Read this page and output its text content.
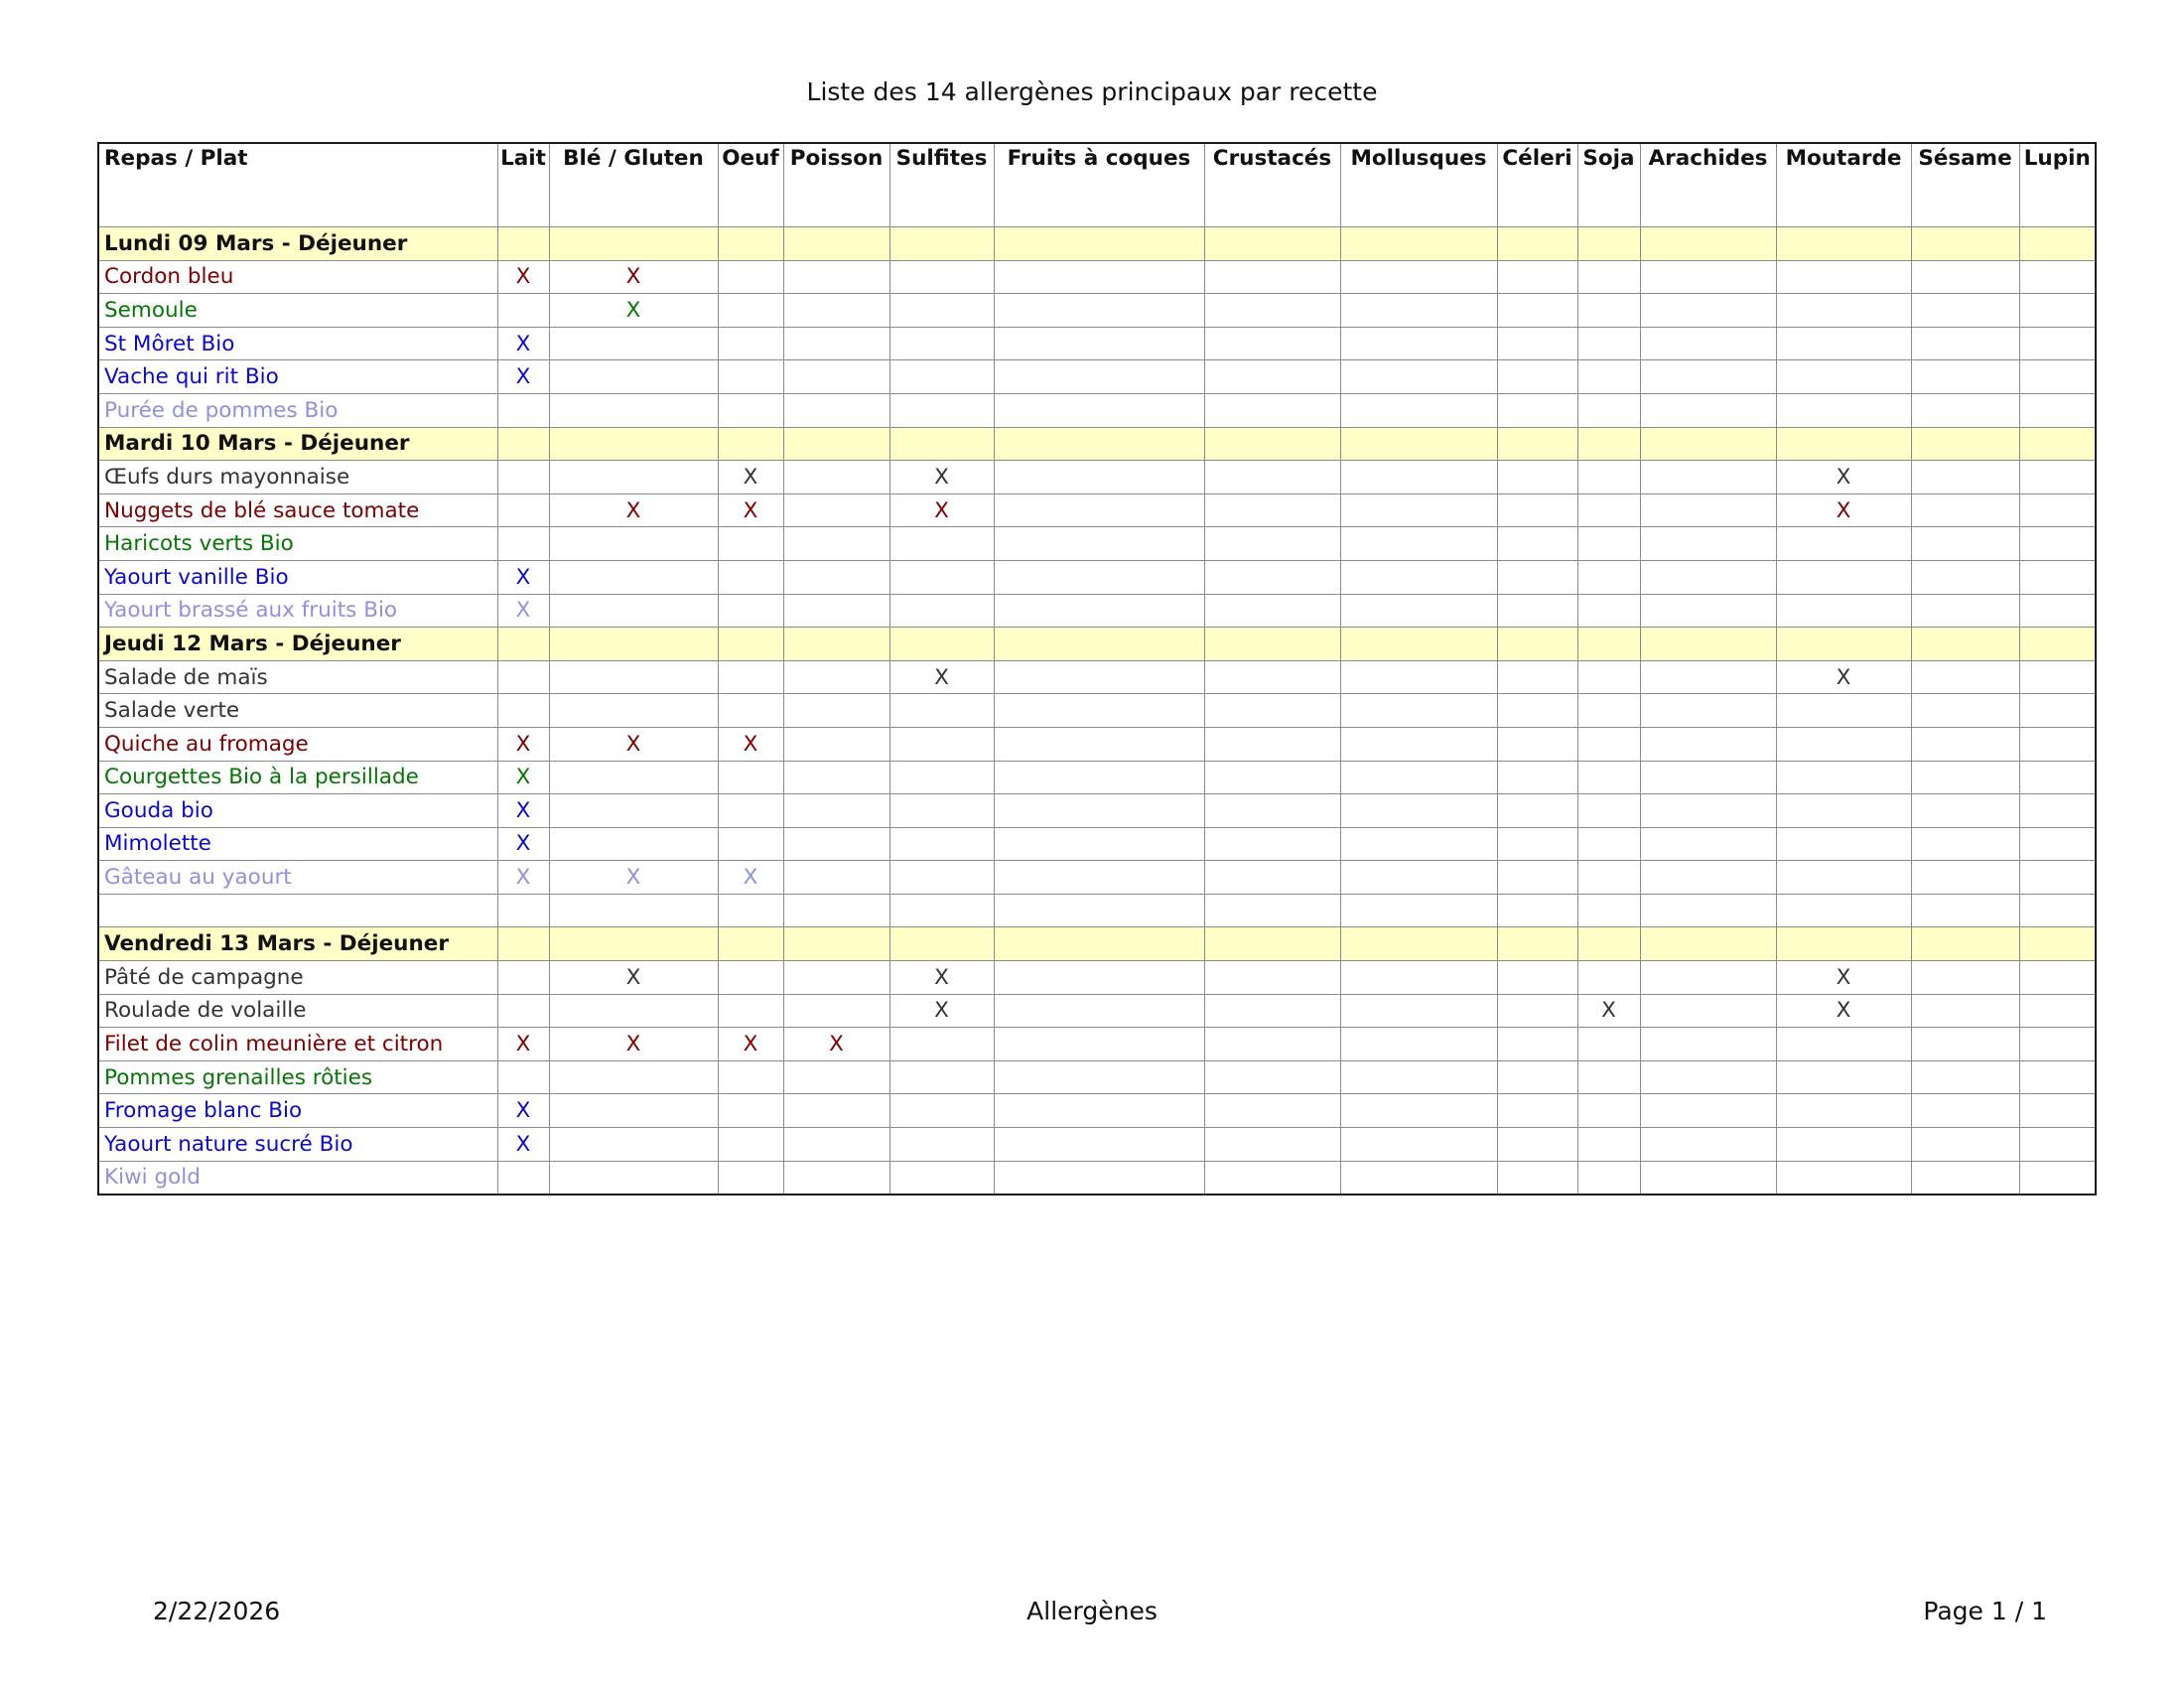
Liste des 14 allergènes principaux par recette
Repas / Plat	Lait	Blé / Gluten	Oeuf	Poisson	Sulfites	Fruits à coques	Crustacés	Mollusques	Céleri	Soja	Arachides	Moutarde	Sésame	Lupin
Lundi 09 Mars - Déjeuner														
Cordon bleu	X	X												
Semoule		X												
St Môret Bio	X													
Vache qui rit Bio	X													
Purée de pommes Bio														
Mardi 10 Mars - Déjeuner														
Œufs durs mayonnaise			X		X							X		
Nuggets de blé sauce tomate		X	X		X							X		
Haricots verts Bio														
Yaourt vanille Bio	X													
Yaourt brassé aux fruits Bio	X													
Jeudi 12 Mars - Déjeuner														
Salade de maïs					X							X		
Salade verte														
Quiche au fromage	X	X	X											
Courgettes Bio à la persillade	X													
Gouda bio	X													
Mimolette	X													
Gâteau au yaourt	X	X	X											

Vendredi 13 Mars - Déjeuner														
Pâté de campagne		X			X							X		
Roulade de volaille					X					X		X		
Filet de colin meunière et citron	X	X	X	X										
Pommes grenailles rôties														
Fromage blanc Bio	X													
Yaourt nature sucré Bio	X													
Kiwi gold														
2/22/2026	Allergènes	Page 1 / 1
